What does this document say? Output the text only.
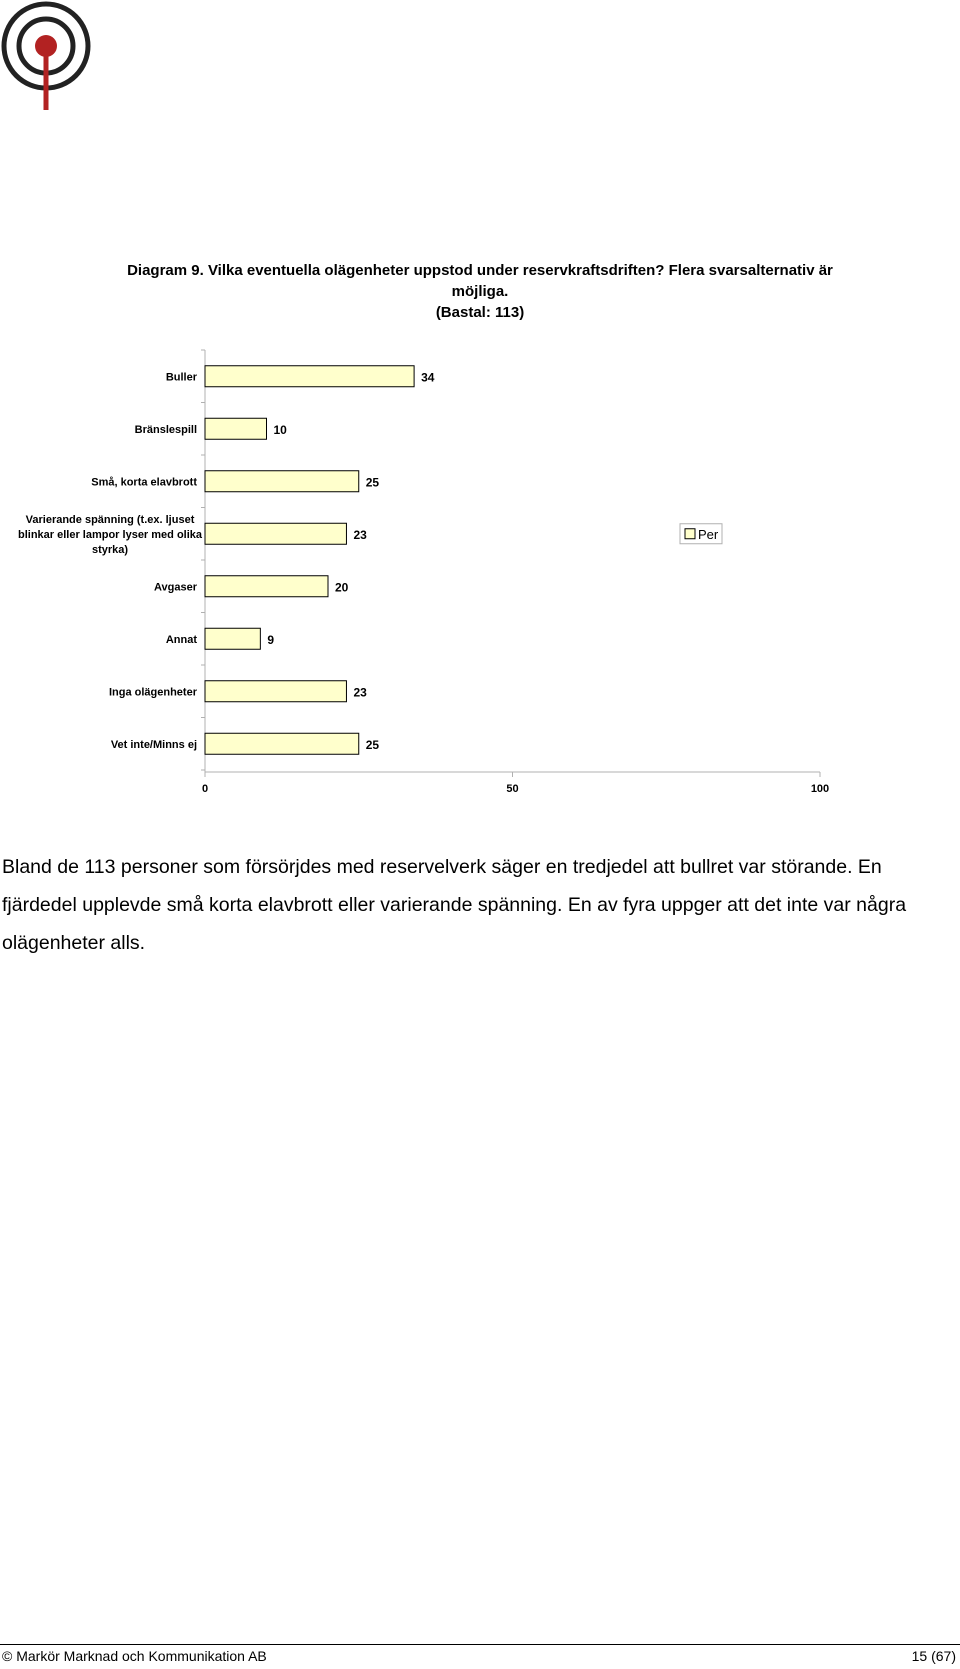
Diagram 9. Vilka eventuella olägenheter uppstod under reservkraftsdriften? Flera svarsalternativ är
möjliga.
(Bastal: 113)
0	50	100
34
Buller
10
Bränslespill
25
Små, korta elavbrott
23
Varierande spänning (t.ex. ljuset
blinkar eller lampor lyser med olika
styrka)
20
Avgaser
9
Annat
23
Inga olägenheter
25
Vet inte/Minns ej
Per

Bland de 113 personer som försörjdes med reservelverk säger en tredjedel att bullret var störande. En fjärdedel upplevde små korta elavbrott eller varierande spänning. En av fyra uppger att det inte var några olägenheter alls.

© Markör Marknad och Kommunikation AB	15 (67)
